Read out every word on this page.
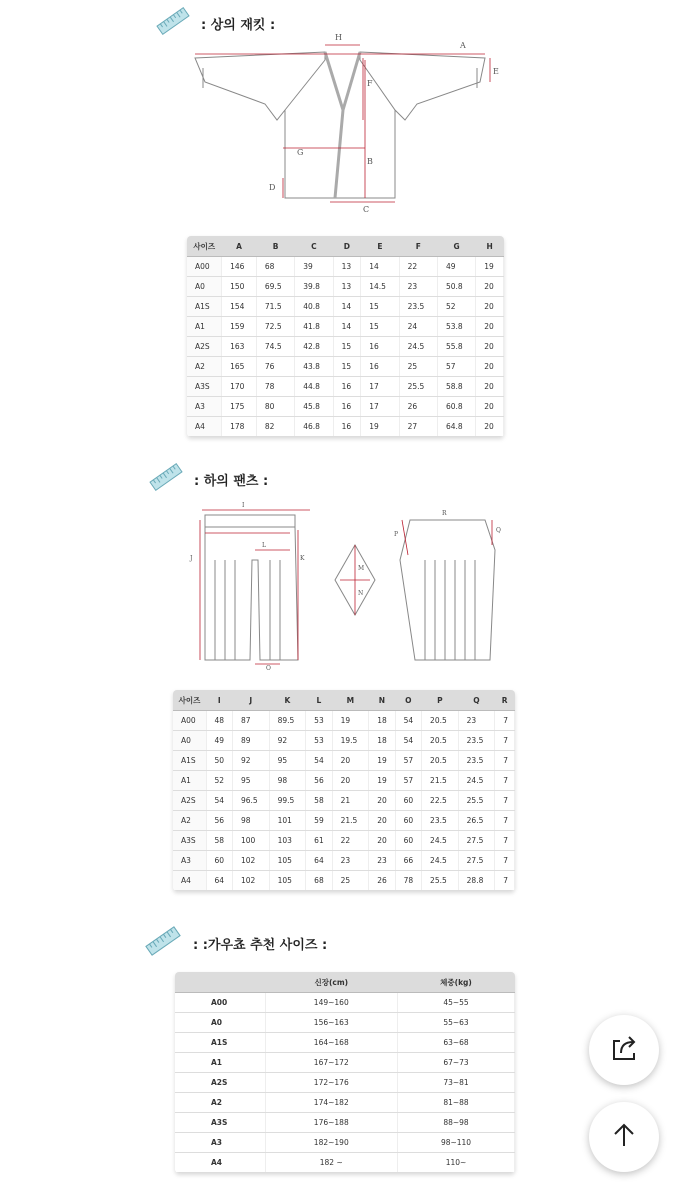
: 상의 재킷 :
A
H
E
F
G
B
D
C
사이즈	A	B	C	D	E	F	G	H
A00	146	68	39	13	14	22	49	19
A0	150	69.5	39.8	13	14.5	23	50.8	20
A1S	154	71.5	40.8	14	15	23.5	52	20
A1	159	72.5	41.8	14	15	24	53.8	20
A2S	163	74.5	42.8	15	16	24.5	55.8	20
A2	165	76	43.8	15	16	25	57	20
A3S	170	78	44.8	16	17	25.5	58.8	20
A3	175	80	45.8	16	17	26	60.8	20
A4	178	82	46.8	16	19	27	64.8	20
: 하의 팬츠 :
I
J	K
L
M
N
O
P
Q
R
사이즈	I	J	K	L	M	N	O	P	Q	R
A00	48	87	89.5	53	19	18	54	20.5	23	7
A0	49	89	92	53	19.5	18	54	20.5	23.5	7
A1S	50	92	95	54	20	19	57	20.5	23.5	7
A1	52	95	98	56	20	19	57	21.5	24.5	7
A2S	54	96.5	99.5	58	21	20	60	22.5	25.5	7
A2	56	98	101	59	21.5	20	60	23.5	26.5	7
A3S	58	100	103	61	22	20	60	24.5	27.5	7
A3	60	102	105	64	23	23	66	24.5	27.5	7
A4	64	102	105	68	25	26	78	25.5	28.8	7
: :가우쵸 추천 사이즈 :
	신장(cm)	체중(kg)
A00	149~160	45~55
A0	156~163	55~63
A1S	164~168	63~68
A1	167~172	67~73
A2S	172~176	73~81
A2	174~182	81~88
A3S	176~188	88~98
A3	182~190	98~110
A4	182 ~	110~
